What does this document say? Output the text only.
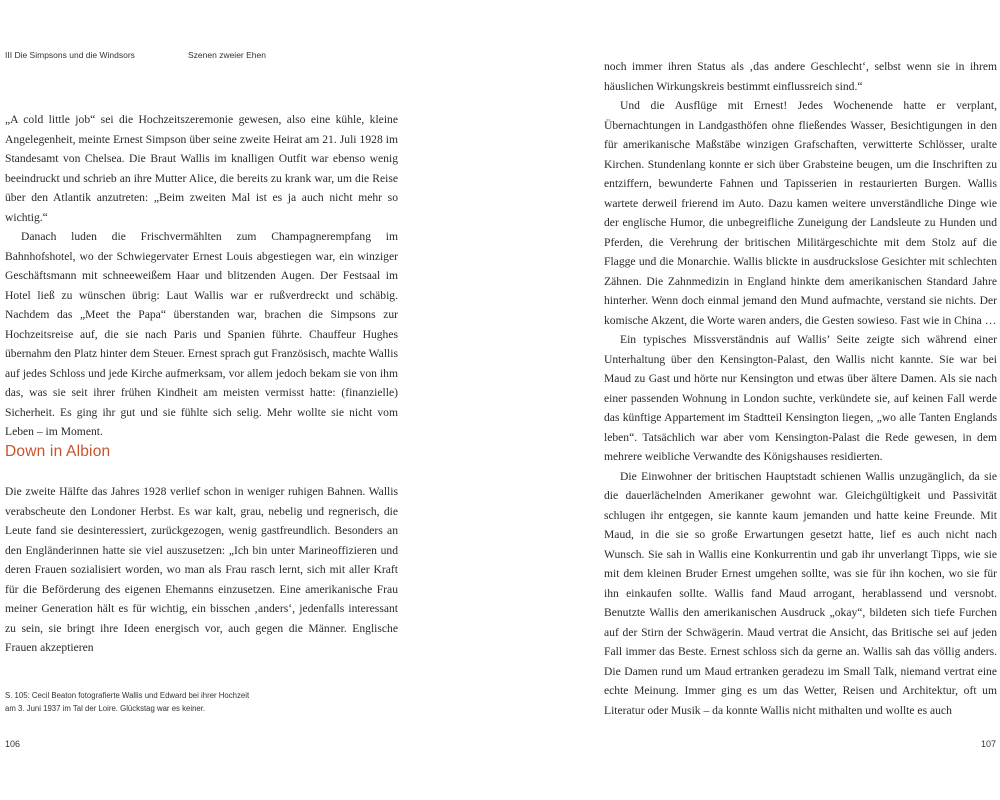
III Die Simpsons und die Windsors	Szenen zweier Ehen

„A cold little job“ sei die Hochzeitszeremonie gewesen, also eine kühle, kleine Angelegenheit, meinte Ernest Simpson über seine zweite Heirat am 21. Juli 1928 im Standesamt von Chelsea. Die Braut Wallis im knalligen Outfit war ebenso wenig beeindruckt und schrieb an ihre Mutter Alice, die bereits zu krank war, um die Reise über den Atlantik anzutreten: „Beim zweiten Mal ist es ja auch nicht mehr so wichtig.“

Danach luden die Frischvermählten zum Champagnerempfang im Bahnhofshotel, wo der Schwiegervater Ernest Louis abgestiegen war, ein winziger Geschäftsmann mit schneeweißem Haar und blitzenden Augen. Der Festsaal im Hotel ließ zu wünschen übrig: Laut Wallis war er rußverdreckt und schäbig. Nachdem das „Meet the Papa“ überstanden war, brachen die Simpsons zur Hochzeitsreise auf, die sie nach Paris und Spanien führte. Chauffeur Hughes übernahm den Platz hinter dem Steuer. Ernest sprach gut Französisch, machte Wallis auf jedes Schloss und jede Kirche aufmerksam, vor allem jedoch bekam sie von ihm das, was sie seit ihrer frühen Kindheit am meisten vermisst hatte: (finanzielle) Sicherheit. Es ging ihr gut und sie fühlte sich selig. Mehr wollte sie nicht vom Leben – im Moment.

Down in Albion

Die zweite Hälfte das Jahres 1928 verlief schon in weniger ruhigen Bahnen. Wallis verabscheute den Londoner Herbst. Es war kalt, grau, nebelig und regnerisch, die Leute fand sie desinteressiert, zurückgezogen, wenig gastfreundlich. Besonders an den Engländerinnen hatte sie viel auszusetzen: „Ich bin unter Marineoffizieren und deren Frauen sozialisiert worden, wo man als Frau rasch lernt, sich mit aller Kraft für die Beförderung des eigenen Ehemanns einzusetzen. Eine amerikanische Frau meiner Generation hält es für wichtig, ein bisschen ‚anders‘, jedenfalls interessant zu sein, sie bringt ihre Ideen energisch vor, auch gegen die Männer. Englische Frauen akzeptieren

S. 105: Cecil Beaton fotografierte Wallis und Edward bei ihrer Hochzeit
am 3. Juni 1937 im Tal der Loire. Glückstag war es keiner.
106

noch immer ihren Status als ‚das andere Geschlecht‘, selbst wenn sie in ihrem häuslichen Wirkungskreis bestimmt einflussreich sind.“

Und die Ausflüge mit Ernest! Jedes Wochenende hatte er verplant, Übernachtungen in Landgasthöfen ohne fließendes Wasser, Besichtigungen in den für amerikanische Maßstäbe winzigen Grafschaften, verwitterte Schlösser, uralte Kirchen. Stundenlang konnte er sich über Grabsteine beugen, um die Inschriften zu entziffern, bewunderte Fahnen und Tapisserien in restaurierten Burgen. Wallis wartete derweil frierend im Auto. Dazu kamen weitere unverständliche Dinge wie der englische Humor, die unbegreifliche Zuneigung der Landsleute zu Hunden und Pferden, die Verehrung der britischen Militärgeschichte mit dem Stolz auf die Flagge und die Monarchie. Wallis blickte in ausdruckslose Gesichter mit schlechten Zähnen. Die Zahnmedizin in England hinkte dem amerikanischen Standard Jahre hinterher. Wenn doch einmal jemand den Mund aufmachte, verstand sie nichts. Der komische Akzent, die Worte waren anders, die Gesten sowieso. Fast wie in China …

Ein typisches Missverständnis auf Wallis’ Seite zeigte sich während einer Unterhaltung über den Kensington-Palast, den Wallis nicht kannte. Sie war bei Maud zu Gast und hörte nur Kensington und etwas über ältere Damen. Als sie nach einer passenden Wohnung in London suchte, verkündete sie, auf keinen Fall werde das künftige Appartement im Stadtteil Kensington liegen, „wo alle Tanten Englands leben“. Tatsächlich war aber vom Kensington-Palast die Rede gewesen, in dem mehrere weibliche Verwandte des Königshauses residierten.

Die Einwohner der britischen Hauptstadt schienen Wallis unzugänglich, da sie die dauerlächelnden Amerikaner gewohnt war. Gleichgültigkeit und Passivität schlugen ihr entgegen, sie kannte kaum jemanden und hatte keine Freunde. Mit Maud, in die sie so große Erwartungen gesetzt hatte, lief es auch nicht nach Wunsch. Sie sah in Wallis eine Konkurrentin und gab ihr unverlangt Tipps, wie sie mit dem kleinen Bruder Ernest umgehen sollte, was sie für ihn kochen, wo sie für ihn einkaufen sollte. Wallis fand Maud arrogant, herablassend und versnobt. Benutzte Wallis den amerikanischen Ausdruck „okay“, bildeten sich tiefe Furchen auf der Stirn der Schwägerin. Maud vertrat die Ansicht, das Britische sei auf jeden Fall immer das Beste. Ernest schloss sich da gerne an. Wallis sah das völlig anders. Die Damen rund um Maud ertranken geradezu im Small Talk, niemand vertrat eine echte Meinung. Immer ging es um das Wetter, Reisen und Architektur, oft um Literatur oder Musik – da konnte Wallis nicht mithalten und wollte es auch

107
